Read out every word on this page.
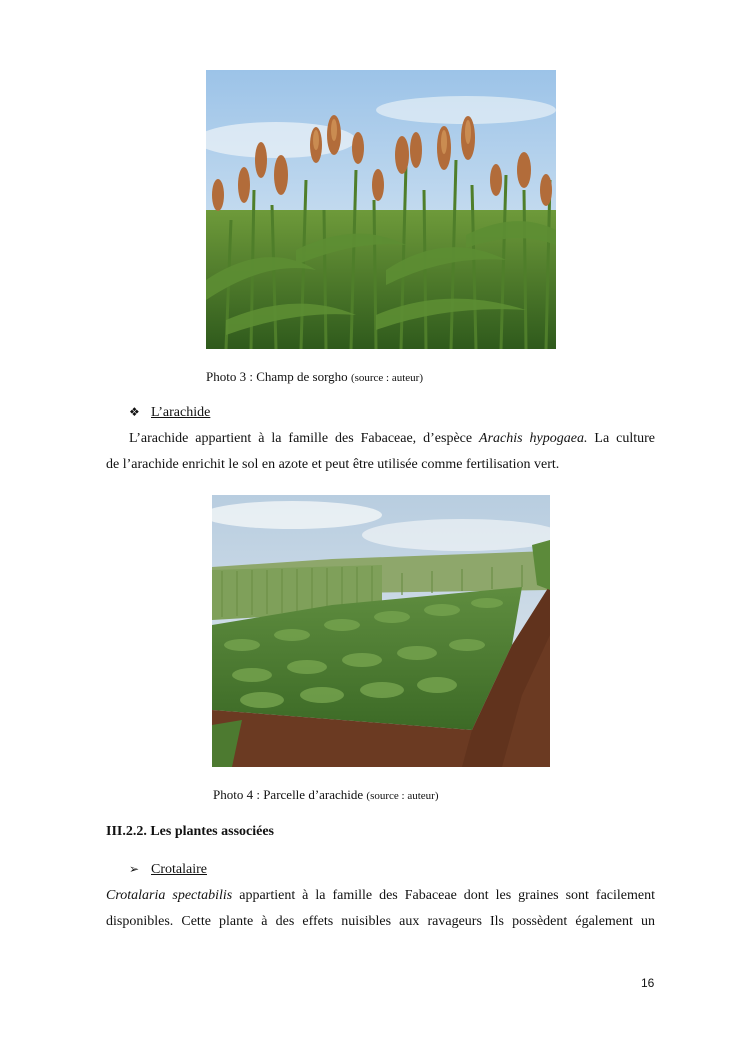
Photo 3 : Champ de sorgho (source : auteur)
❖ L’arachide
L’arachide appartient à la famille des Fabaceae, d’espèce Arachis hypogaea. La culture
de l’arachide enrichit le sol en azote et peut être utilisée comme fertilisation vert.
Photo 4 : Parcelle d’arachide (source : auteur)
III.2.2. Les plantes associées
➢ Crotalaire
Crotalaria spectabilis appartient à la famille des Fabaceae dont les graines sont facilement
disponibles. Cette plante à des effets nuisibles aux ravageurs Ils possèdent également un
16
